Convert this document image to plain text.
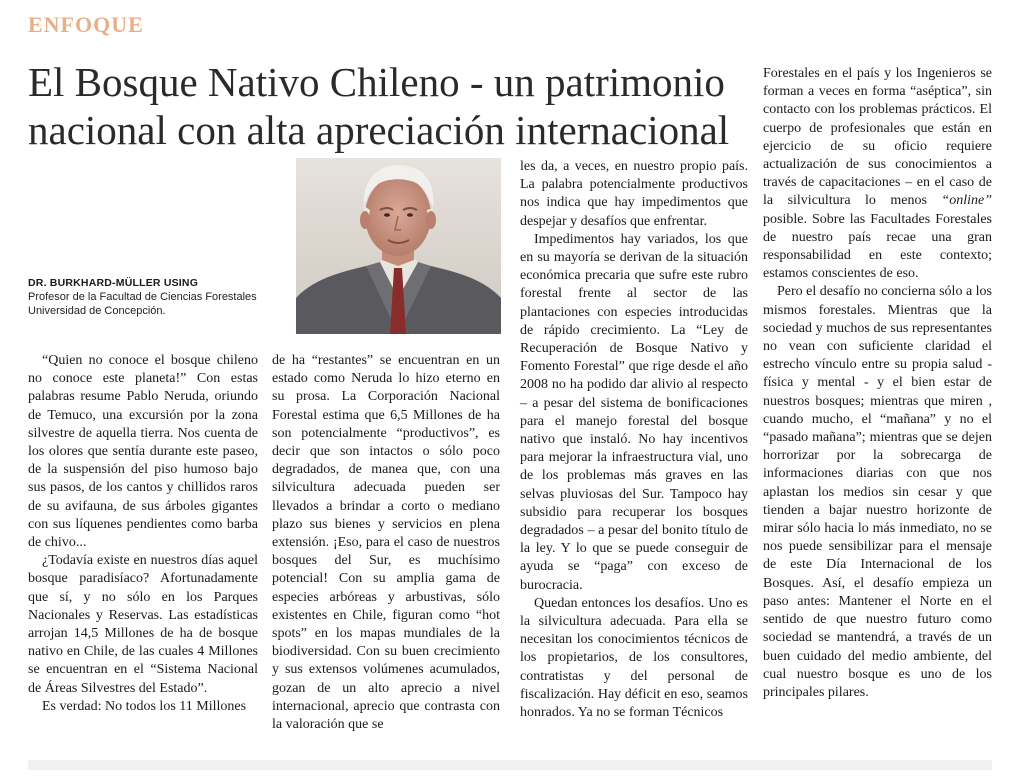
ENFOQUE
El Bosque Nativo Chileno - un patrimonio nacional con alta apreciación internacional
DR. BURKHARD-MÜLLER USING
Profesor de la Facultad de Ciencias Forestales
Universidad de Concepción.

“Quien no conoce el bosque chileno no conoce este planeta!” Con estas palabras resume Pablo Neruda, oriundo de Temuco, una excursión por la zona silvestre de aquella tierra. Nos cuenta de los olores que sentía durante este paseo, de la suspensión del piso humoso bajo sus pasos, de los cantos y chillidos raros de su avifauna, de sus árboles gigantes con sus líquenes pendientes como barba de chivo...

¿Todavía existe en nuestros días aquel bosque paradisíaco? Afortunadamente que sí, y no sólo en los Parques Nacionales y Reservas. Las estadísticas arrojan 14,5 Millones de ha de bosque nativo en Chile, de las cuales 4 Millones se encuentran en el “Sistema Nacional de Áreas Silvestres del Estado”.

Es verdad: No todos los 11 Millones

de ha “restantes” se encuentran en un estado como Neruda lo hizo eterno en su prosa. La Corporación Nacional Forestal estima que 6,5 Millones de ha son potencialmente “productivos”, es decir que son intactos o sólo poco degradados, de manea que, con una silvicultura adecuada pueden ser llevados a brindar a corto o mediano plazo sus bienes y servicios en plena extensión. ¡Eso, para el caso de nuestros bosques del Sur, es muchísimo potencial! Con su amplia gama de especies arbóreas y arbustivas, sólo existentes en Chile, figuran como “hot spots” en los mapas mundiales de la biodiversidad. Con su buen crecimiento y sus extensos volúmenes acumulados, gozan de un alto aprecio a nivel internacional, aprecio que contrasta con la valoración que se

les da, a veces, en nuestro propio país. La palabra potencialmente productivos nos indica que hay impedimentos que despejar y desafíos que enfrentar.

Impedimentos hay variados, los que en su mayoría se derivan de la situación económica precaria que sufre este rubro forestal frente al sector de las plantaciones con especies introducidas de rápido crecimiento. La “Ley de Recuperación de Bosque Nativo y Fomento Forestal” que rige desde el año 2008 no ha podido dar alivio al respecto – a pesar del sistema de bonificaciones para el manejo forestal del bosque nativo que instaló. No hay incentivos para mejorar la infraestructura vial, uno de los problemas más graves en las selvas pluviosas del Sur. Tampoco hay subsidio para recuperar los bosques degradados – a pesar del bonito título de la ley. Y lo que se puede conseguir de ayuda se “paga” con exceso de burocracia.

Quedan entonces los desafíos. Uno es la silvicultura adecuada. Para ella se necesitan los conocimientos técnicos de los propietarios, de los consultores, contratistas y del personal de fiscalización. Hay déficit en eso, seamos honrados. Ya no se forman Técnicos

Forestales en el país y los Ingenieros se forman a veces en forma “aséptica”, sin contacto con los problemas prácticos. El cuerpo de profesionales que están en ejercicio de su oficio requiere actualización de sus conocimientos a través de capacitaciones – en el caso de la silvicultura lo menos “online” posible. Sobre las Facultades Forestales de nuestro país recae una gran responsabilidad en este contexto; estamos conscientes de eso.

Pero el desafío no concierna sólo a los mismos forestales. Mientras que la sociedad y muchos de sus representantes no vean con suficiente claridad el estrecho vínculo entre su propia salud - física y mental - y el bien estar de nuestros bosques; mientras que miren , cuando mucho, el “mañana” y no el “pasado mañana”; mientras que se dejen horrorizar por la sobrecarga de informaciones diarias con que nos aplastan los medios sin cesar y que tienden a bajar nuestro horizonte de mirar sólo hacia lo más inmediato, no se nos puede sensibilizar para el mensaje de este Día Internacional de los Bosques. Así, el desafío empieza un paso antes: Mantener el Norte en el sentido de que nuestro futuro como sociedad se mantendrá, a través de un buen cuidado del medio ambiente, del cual nuestro bosque es uno de los principales pilares.
